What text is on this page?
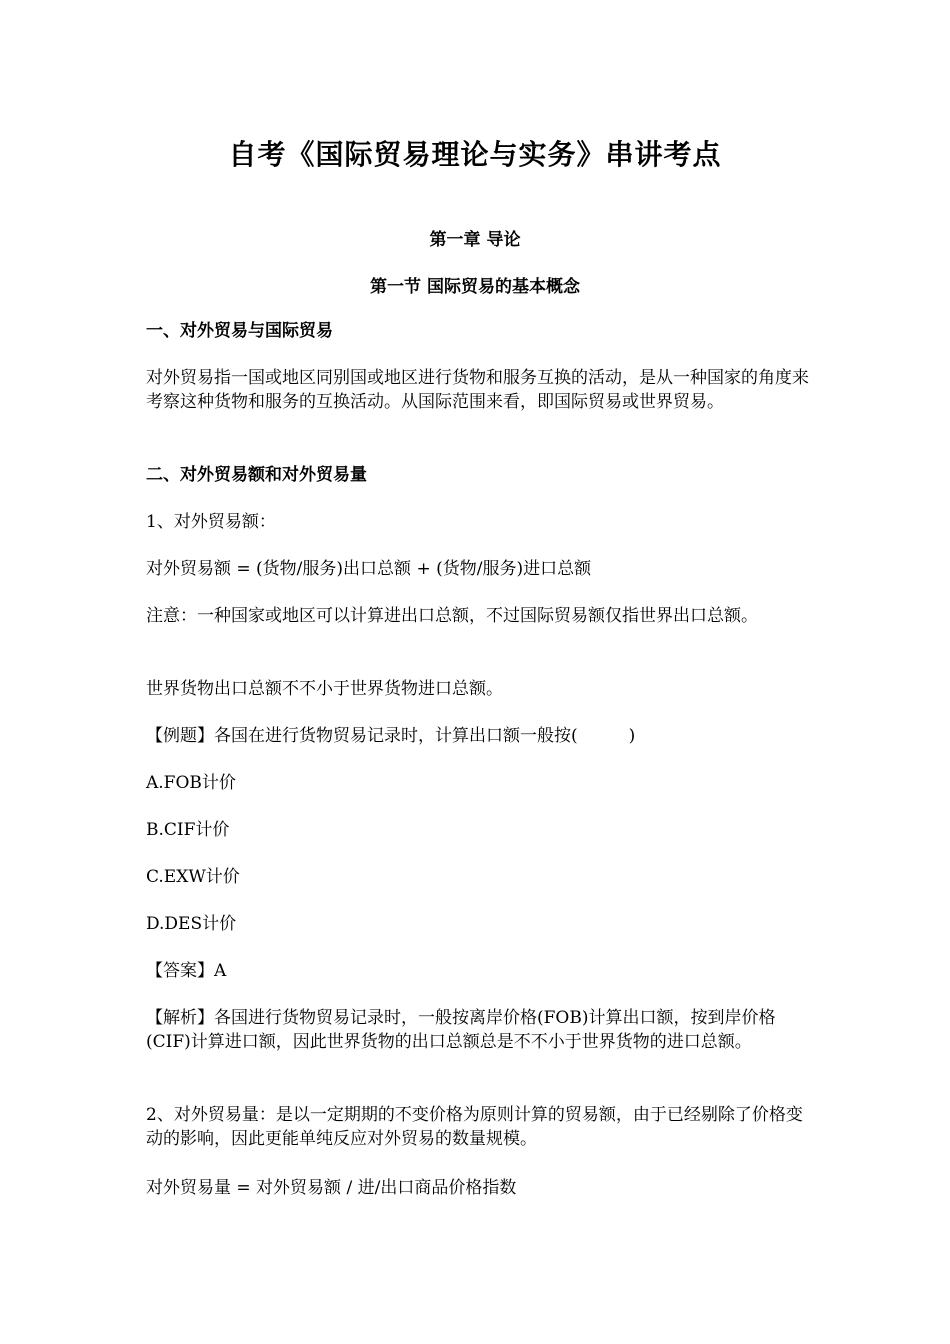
自考《国际贸易理论与实务》串讲考点
第一章 导论
第一节 国际贸易的基本概念
一、对外贸易与国际贸易
对外贸易指一国或地区同别国或地区进行货物和服务互换的活动，是从一种国家的角度来考察这种货物和服务的互换活动。从国际范围来看，即国际贸易或世界贸易。
二、对外贸易额和对外贸易量
1、对外贸易额：
对外贸易额 = (货物/服务)出口总额 + (货物/服务)进口总额
注意：一种国家或地区可以计算进出口总额，不过国际贸易额仅指世界出口总额。
世界货物出口总额不不小于世界货物进口总额。
【例题】各国在进行货物贸易记录时，计算出口额一般按(　　　)
A.FOB计价
B.CIF计价
C.EXW计价
D.DES计价
【答案】A
【解析】各国进行货物贸易记录时，一般按离岸价格(FOB)计算出口额，按到岸价格(CIF)计算进口额，因此世界货物的出口总额总是不不小于世界货物的进口总额。
2、对外贸易量：是以一定期期的不变价格为原则计算的贸易额，由于已经剔除了价格变动的影响，因此更能单纯反应对外贸易的数量规模。
对外贸易量 = 对外贸易额 / 进/出口商品价格指数
